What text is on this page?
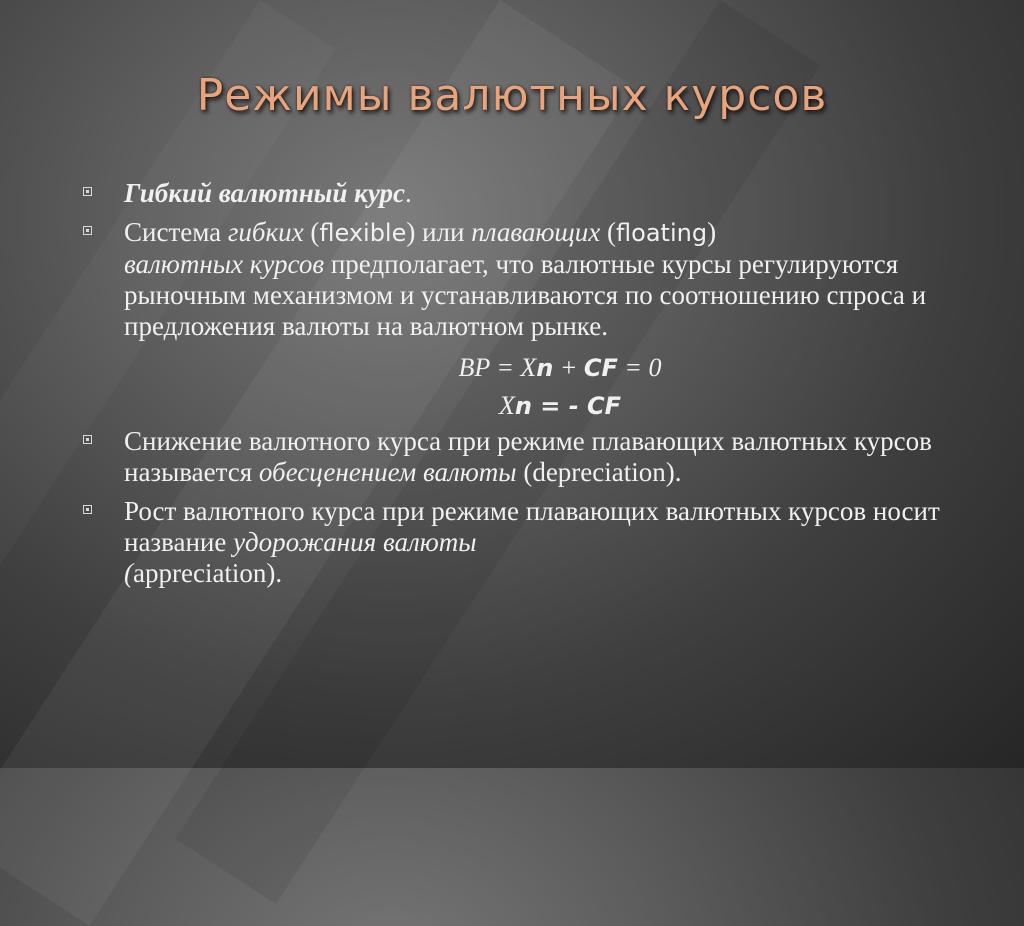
Режимы валютных курсов
Гибкий валютный курс.
Система гибких (flexible) или плавающих (floating)
валютных курсов предполагает, что валютные курсы регулируются рыночным механизмом и устанавливаются по соотношению спроса и предложения валюты на валютном рынке.
BP = Xn + CF = 0
Xn = - CF
Снижение валютного курса при режиме плавающих валютных курсов называется обесценением валюты (depreciation).
Рост валютного курса при режиме плавающих валютных курсов носит название удорожания валюты
(appreciation).
